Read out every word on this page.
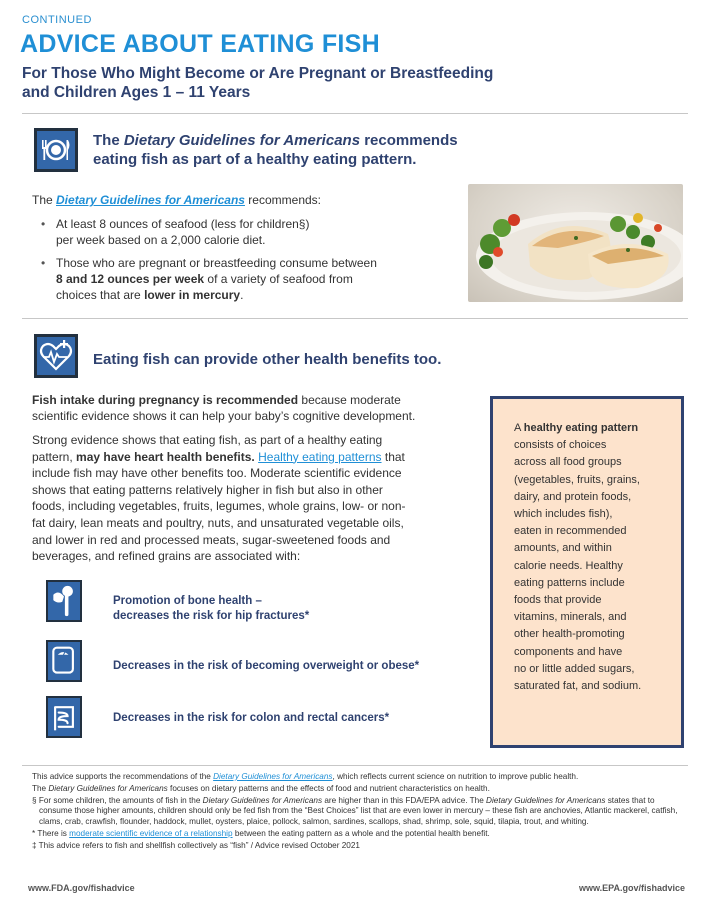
CONTINUED
ADVICE ABOUT EATING FISH
For Those Who Might Become or Are Pregnant or Breastfeeding
and Children Ages 1 – 11 Years
The Dietary Guidelines for Americans recommends
eating fish as part of a healthy eating pattern.
The Dietary Guidelines for Americans recommends:
• At least 8 ounces of seafood (less for children§)
per week based on a 2,000 calorie diet.
• Those who are pregnant or breastfeeding consume between
8 and 12 ounces per week of a variety of seafood from
choices that are lower in mercury.
Eating fish can provide other health benefits too.
Fish intake during pregnancy is recommended because moderate
scientific evidence shows it can help your baby’s cognitive development.
Strong evidence shows that eating fish, as part of a healthy eating
pattern, may have heart health benefits. Healthy eating patterns that
include fish may have other benefits too. Moderate scientific evidence
shows that eating patterns relatively higher in fish but also in other
foods, including vegetables, fruits, legumes, whole grains, low- or non-
fat dairy, lean meats and poultry, nuts, and unsaturated vegetable oils,
and lower in red and processed meats, sugar-sweetened foods and
beverages, and refined grains are associated with:
Promotion of bone health –
decreases the risk for hip fractures*
Decreases in the risk of becoming overweight or obese*
Decreases in the risk for colon and rectal cancers*
A healthy eating pattern
consists of choices
across all food groups
(vegetables, fruits, grains,
dairy, and protein foods,
which includes fish),
eaten in recommended
amounts, and within
calorie needs. Healthy
eating patterns include
foods that provide
vitamins, minerals, and
other health-promoting
components and have
no or little added sugars,
saturated fat, and sodium.

This advice supports the recommendations of the Dietary Guidelines for Americans, which reflects current science on nutrition to improve public health.

The Dietary Guidelines for Americans focuses on dietary patterns and the effects of food and nutrient characteristics on health.

§ For some children, the amounts of fish in the Dietary Guidelines for Americans are higher than in this FDA/EPA advice. The Dietary Guidelines for Americans states that to consume those higher amounts, children should only be fed fish from the “Best Choices” list that are even lower in mercury – these fish are anchovies, Atlantic mackerel, catfish, clams, crab, crawfish, flounder, haddock, mullet, oysters, plaice, pollock, salmon, sardines, scallops, shad, shrimp, sole, squid, tilapia, trout, and whiting.

* There is moderate scientific evidence of a relationship between the eating pattern as a whole and the potential health benefit.

‡ This advice refers to fish and shellfish collectively as “fish” / Advice revised October 2021

www.FDA.gov/fishadvice	www.EPA.gov/fishadvice
